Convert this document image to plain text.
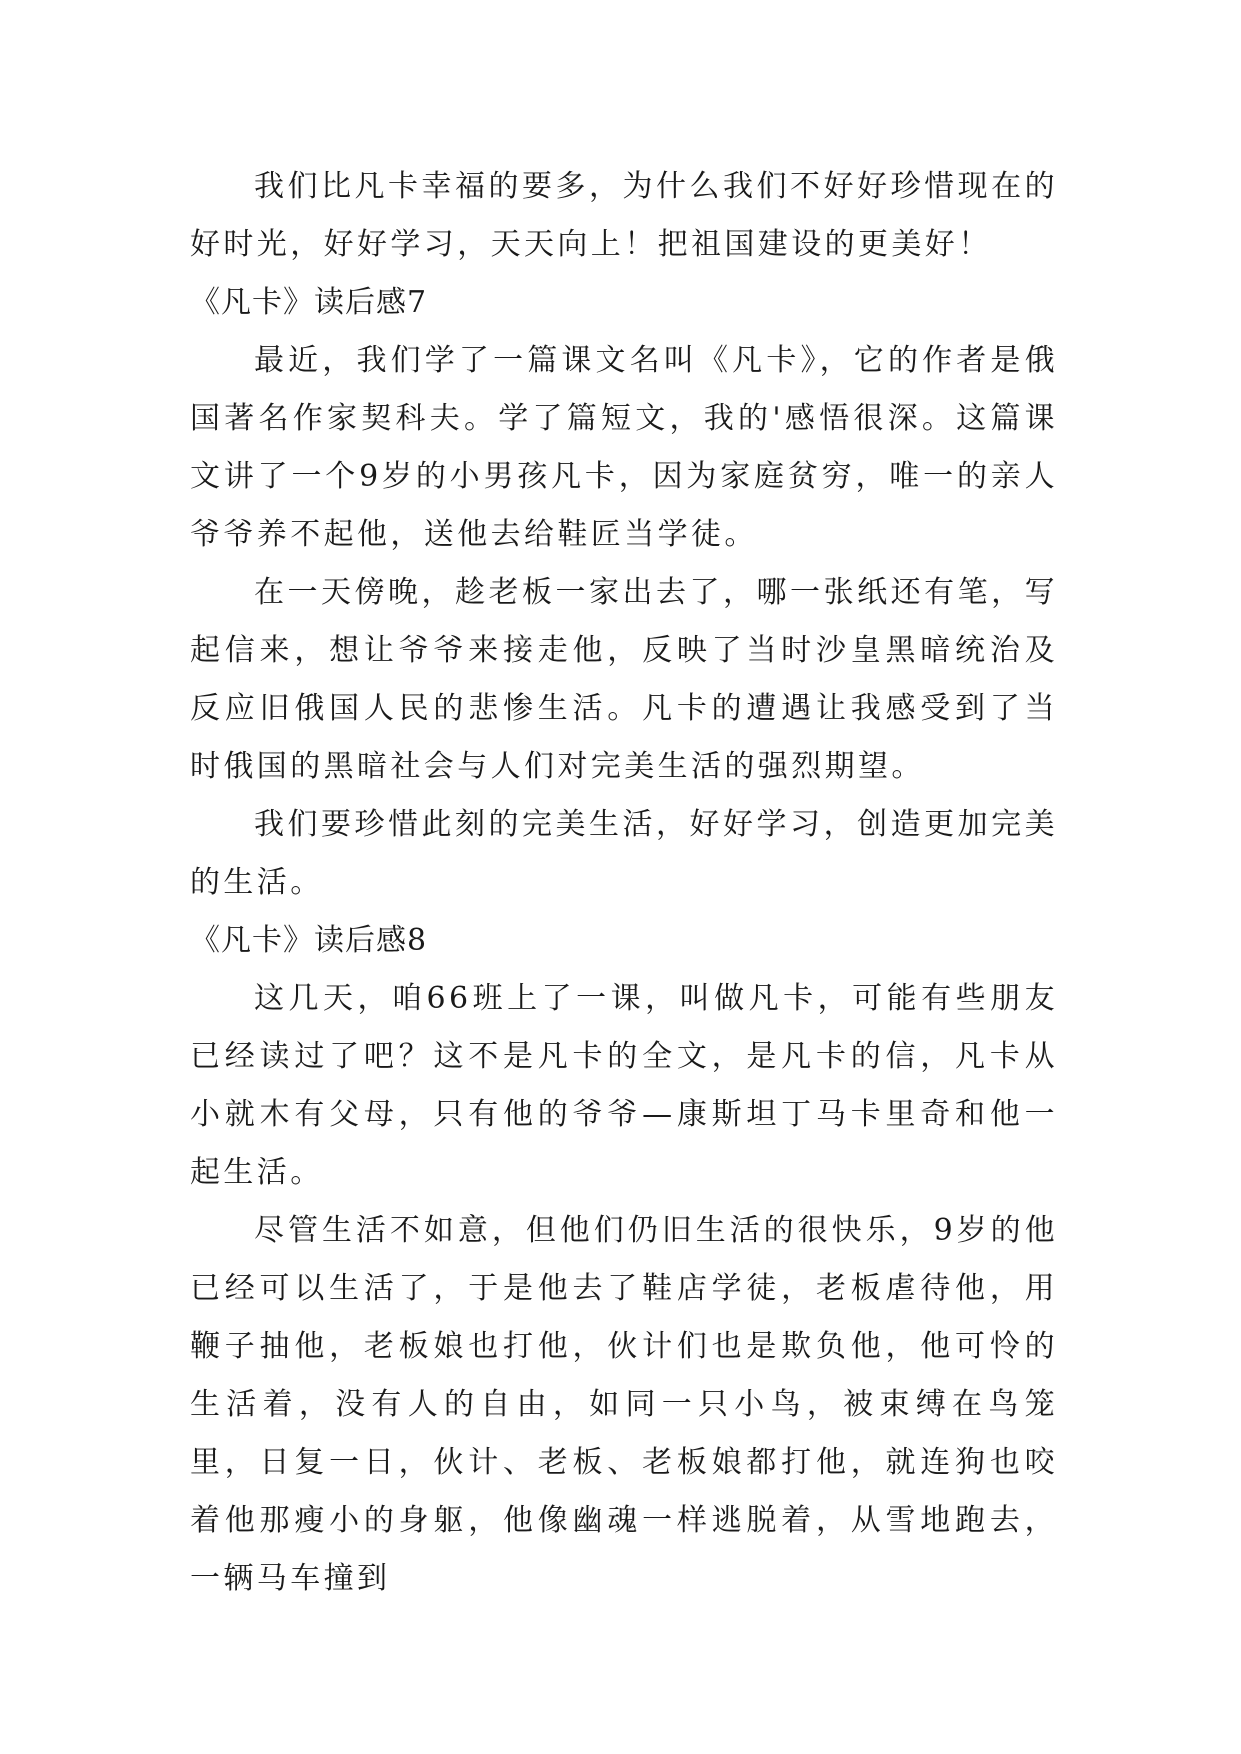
我们比凡卡幸福的要多，为什么我们不好好珍惜现在的好时光，好好学习，天天向上！把祖国建设的更美好！

《凡卡》读后感7

最近，我们学了一篇课文名叫《凡卡》，它的作者是俄国著名作家契科夫。学了篇短文，我的'感悟很深。这篇课文讲了一个9岁的小男孩凡卡，因为家庭贫穷，唯一的亲人爷爷养不起他，送他去给鞋匠当学徒。

在一天傍晚，趁老板一家出去了，哪一张纸还有笔，写起信来，想让爷爷来接走他，反映了当时沙皇黑暗统治及反应旧俄国人民的悲惨生活。凡卡的遭遇让我感受到了当时俄国的黑暗社会与人们对完美生活的强烈期望。

我们要珍惜此刻的完美生活，好好学习，创造更加完美的生活。

《凡卡》读后感8

这几天，咱66班上了一课，叫做凡卡，可能有些朋友已经读过了吧？这不是凡卡的全文，是凡卡的信，凡卡从小就木有父母，只有他的爷爷—康斯坦丁马卡里奇和他一起生活。

尽管生活不如意，但他们仍旧生活的很快乐，9岁的他已经可以生活了，于是他去了鞋店学徒，老板虐待他，用鞭子抽他，老板娘也打他，伙计们也是欺负他，他可怜的生活着，没有人的自由，如同一只小鸟，被束缚在鸟笼里，日复一日，伙计、老板、老板娘都打他，就连狗也咬着他那瘦小的身躯，他像幽魂一样逃脱着，从雪地跑去，一辆马车撞到
